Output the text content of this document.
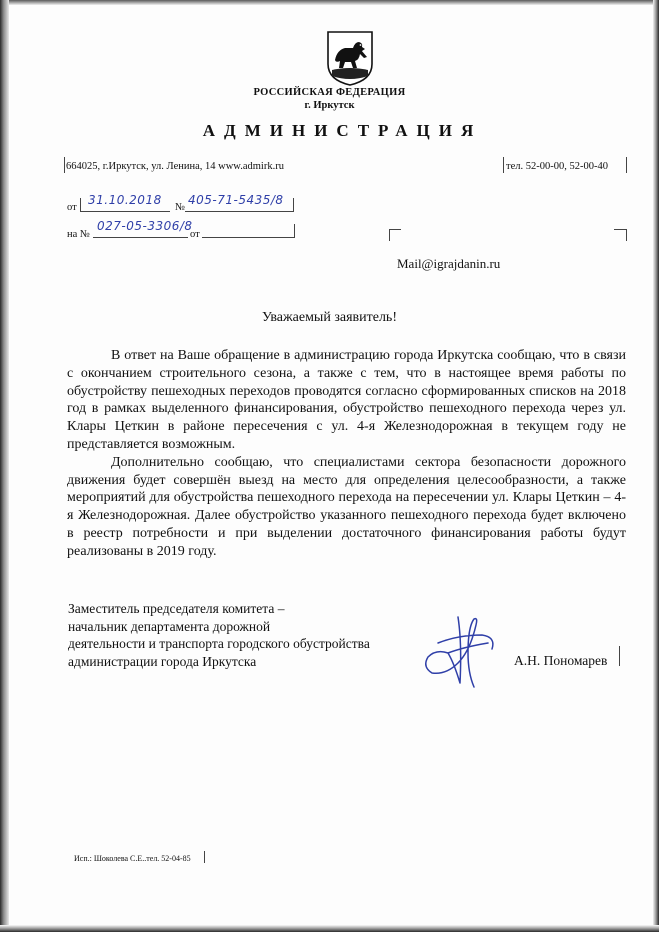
РОССИЙСКАЯ ФЕДЕРАЦИЯ
г. Иркутск
АДМИНИСТРАЦИЯ
664025, г.Иркутск, ул. Ленина, 14 www.admirk.ru	тел. 52-00-00, 52-00-40
от
31.10.2018
№
405-71-5435/8
на №
027-05-3306/8
от
Mail@igrajdanin.ru
Уважаемый заявитель!

В ответ на Ваше обращение в администрацию города Иркутска сообщаю, что в связи с окончанием строительного сезона, а также с тем, что в настоящее время работы по обустройству пешеходных переходов проводятся согласно сформированных списков на 2018 год в рамках выделенного финансирования, обустройство пешеходного перехода через ул. Клары Цеткин в районе пересечения с ул. 4-я Железнодорожная в текущем году не представляется возможным.

Дополнительно сообщаю, что специалистами сектора безопасности дорожного движения будет совершён выезд на место для определения целесообразности, а также мероприятий для обустройства пешеходного перехода на пересечении ул. Клары Цеткин – 4-я Железнодорожная. Далее обустройство указанного пешеходного перехода будет включено в реестр потребности и при выделении достаточного финансирования работы будут реализованы в 2019 году.

Заместитель председателя комитета –
начальник департамента дорожной
деятельности и транспорта городского обустройства
администрации города Иркутска	А.Н. Пономарев
Исп.: Шоколева С.Е..тел. 52-04-85
